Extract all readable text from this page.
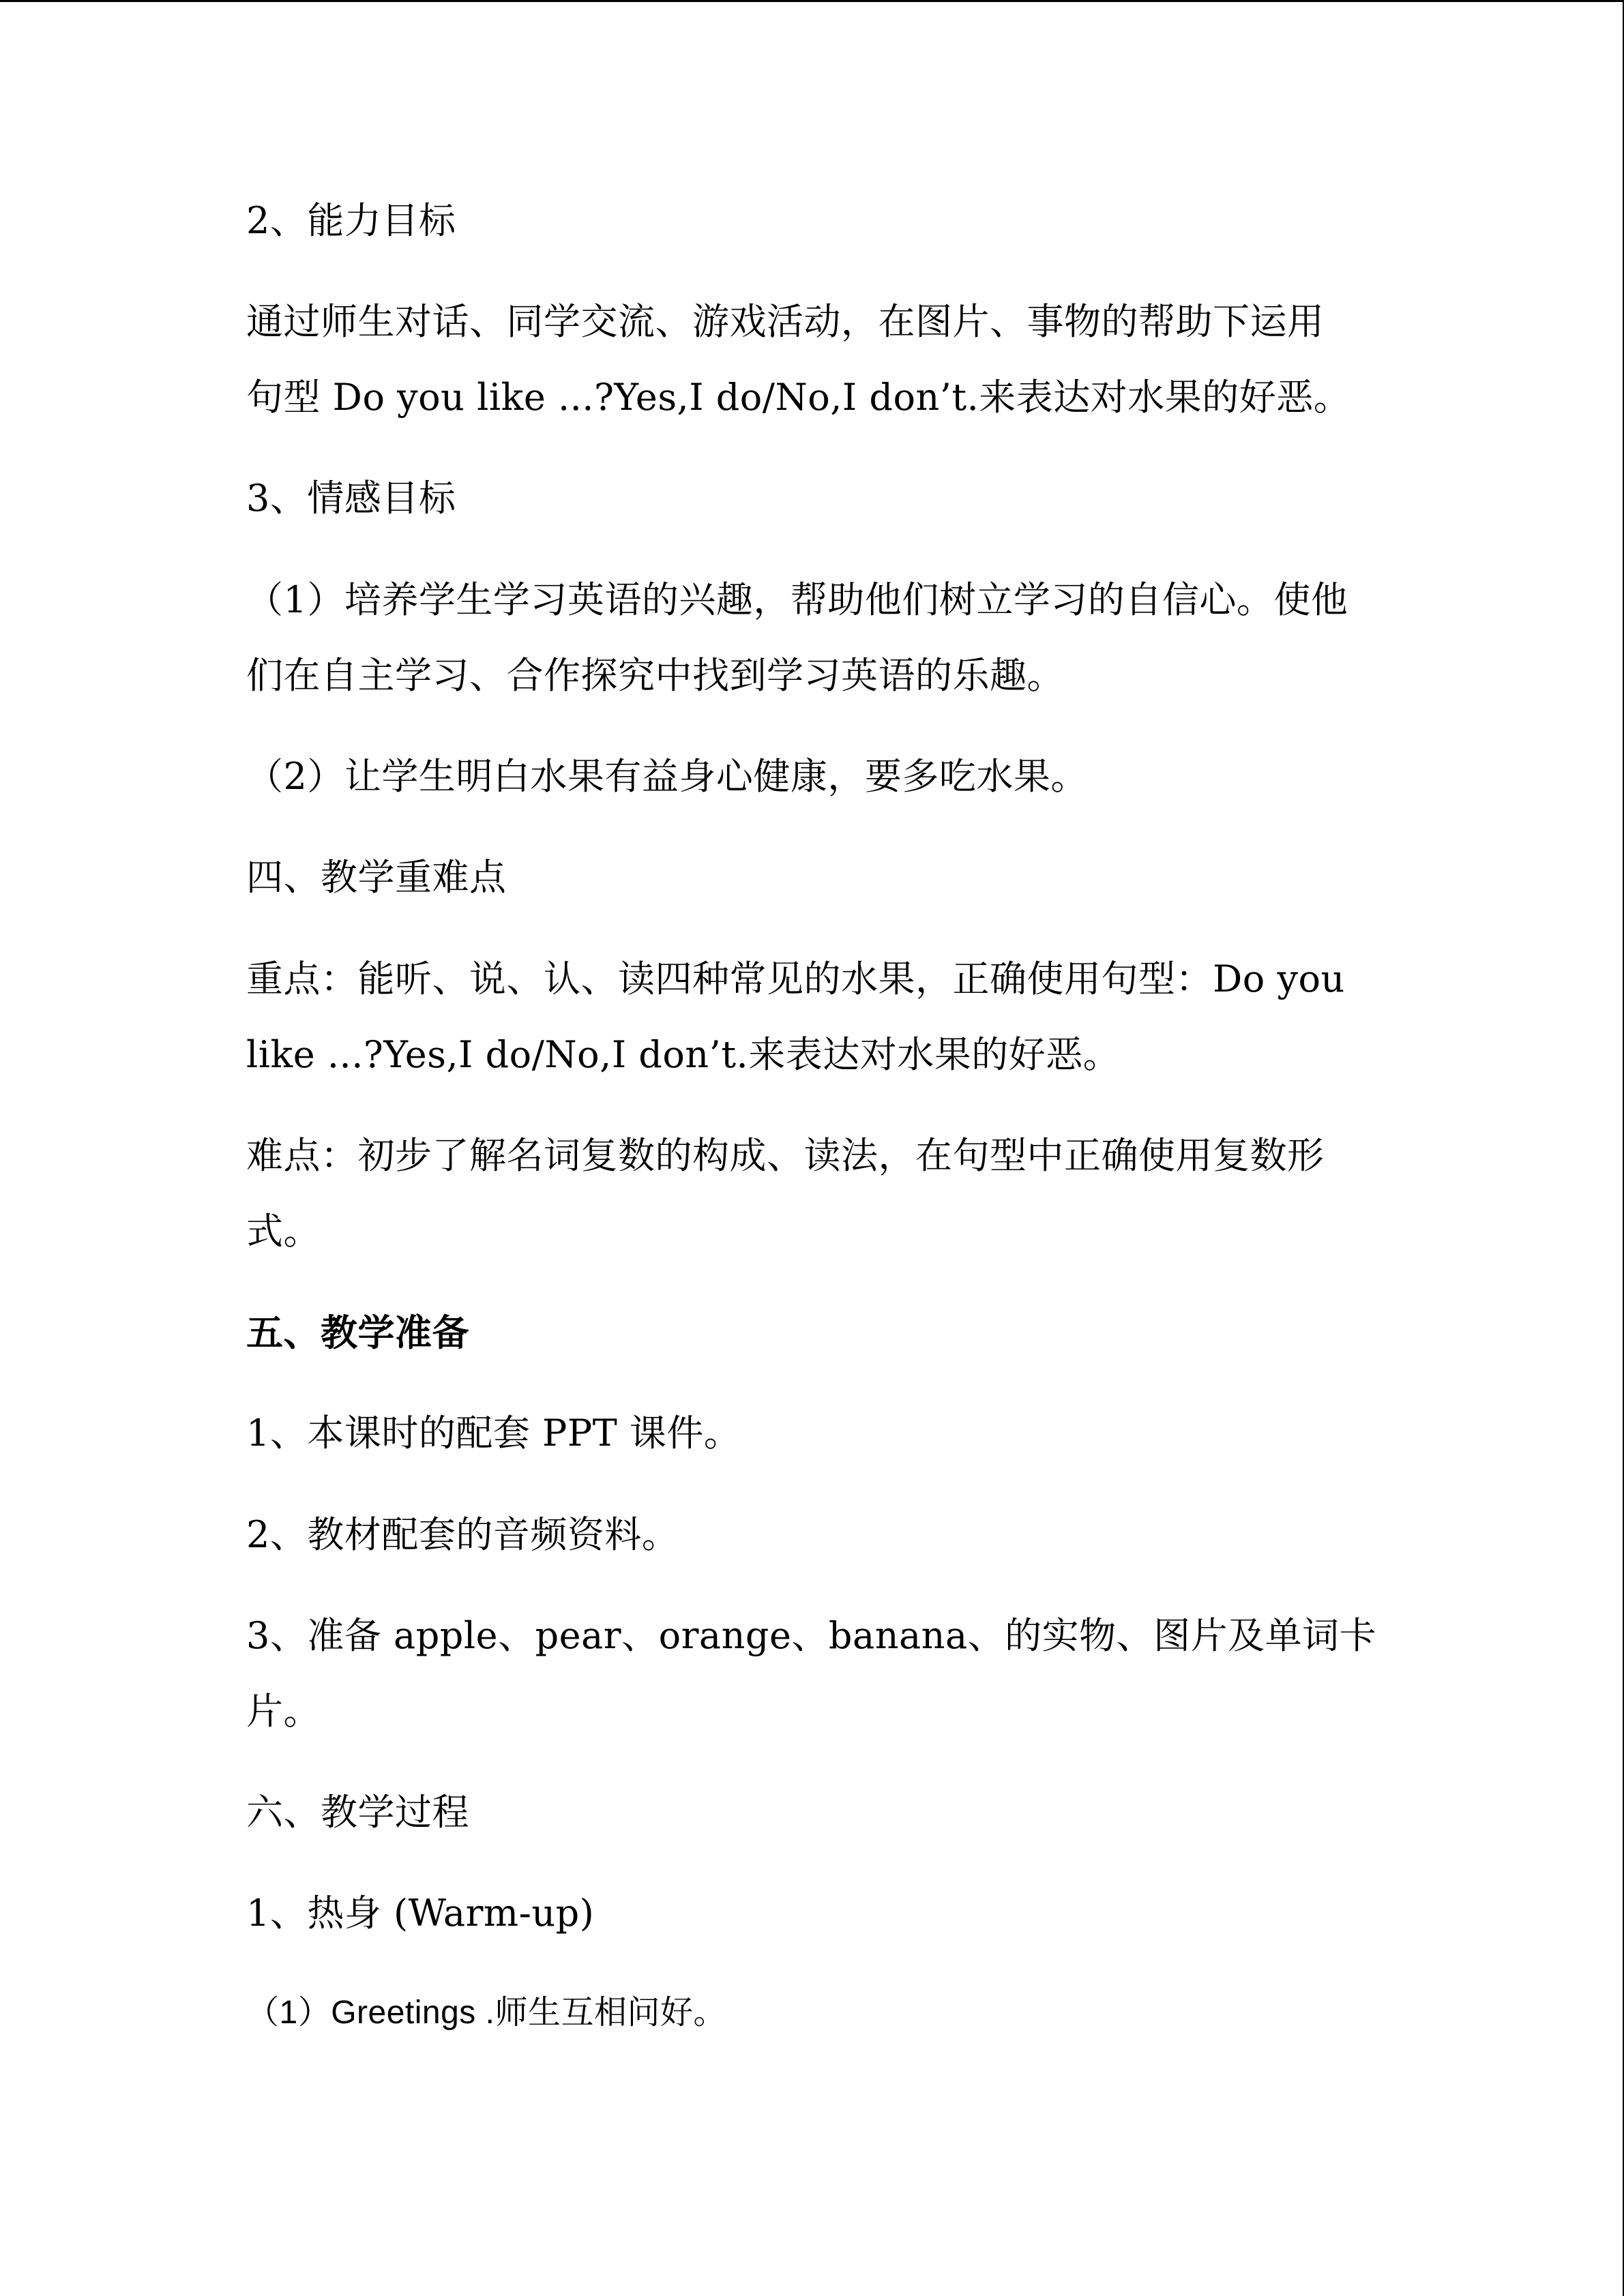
2、能力目标
通过师生对话、同学交流、游戏活动，在图片、事物的帮助下运用
句型 Do you like ...?Yes,I do/No,I don’t.来表达对水果的好恶。
3、情感目标
（1）培养学生学习英语的兴趣，帮助他们树立学习的自信心。使他
们在自主学习、合作探究中找到学习英语的乐趣。
（2）让学生明白水果有益身心健康，要多吃水果。
四、教学重难点
重点：能听、说、认、读四种常见的水果，正确使用句型：Do you
like ...?Yes,I do/No,I don’t.来表达对水果的好恶。
难点：初步了解名词复数的构成、读法，在句型中正确使用复数形
式。
五、教学准备
1、本课时的配套 PPT 课件。
2、教材配套的音频资料。
3、准备 apple、pear、orange、banana、的实物、图片及单词卡
片。
六、教学过程
1、热身 (Warm-up)
（1）Greetings .师生互相问好。
